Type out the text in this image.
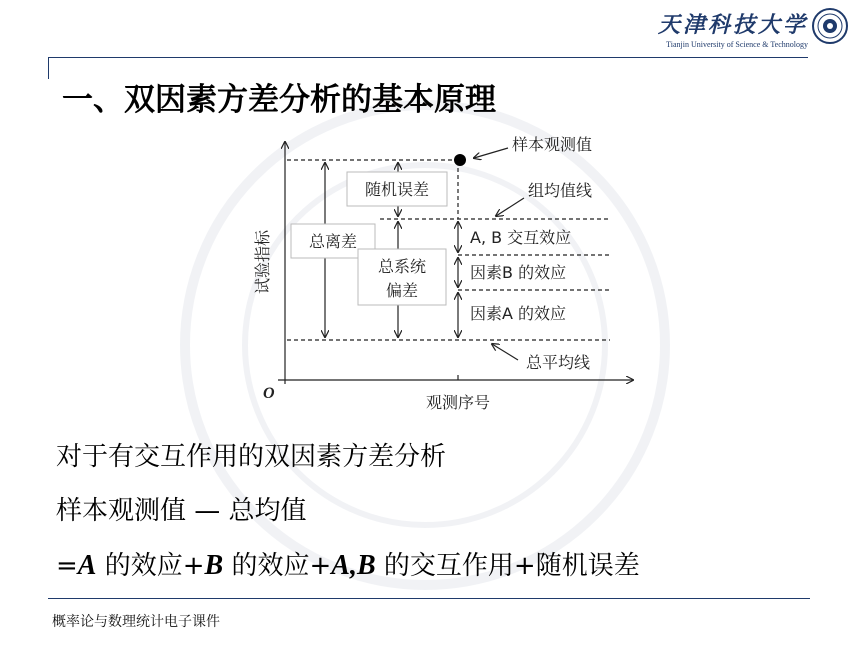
天津科技大学
Tianjin University of Science & Technology
一、双因素方差分析的基本原理
样本观测值
组均值线
随机误差
总离差
总系统
偏差
A, B 交互效应
因素B 的效应
因素A 的效应
总平均线
观测序号
试验指标
O
对于有交互作用的双因素方差分析
样本观测值 — 总均值
=A 的效应+B 的效应+A,B 的交互作用+随机误差
概率论与数理统计电子课件
